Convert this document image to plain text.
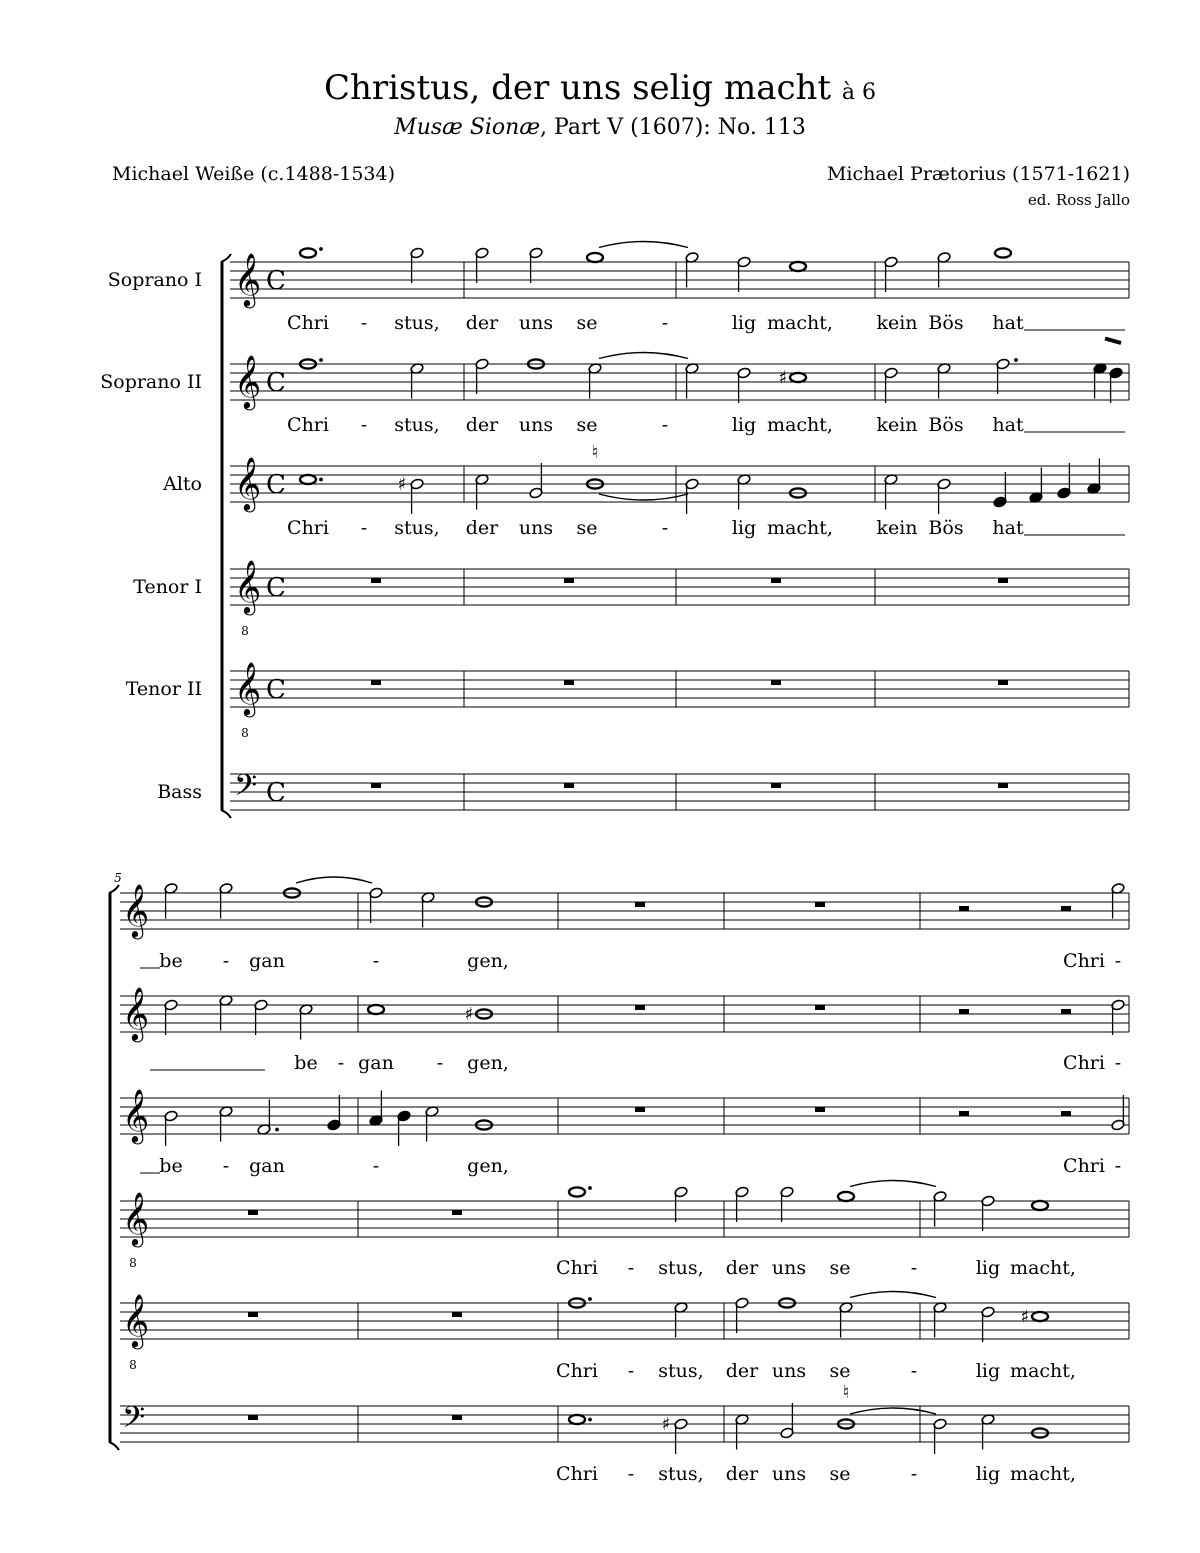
Christus, der uns selig macht à 6
Musæ Sionæ, Part V (1607): No. 113
Michael Weiße (c.1488-1534)	Michael Prætorius (1571-1621)
ed. Ross Jallo
Soprano I 𝄞 C
Soprano II 𝄞 C
Alto 𝄞 C
Tenor I 𝄞
8
C
Tenor II 𝄞
8
C
Bass 𝄢 C
♯
♯
♮
Chri - stus, der uns se	-	lig macht, kein Bös hat
Chri - stus, der uns se	-	lig macht, kein Bös hat
Chri - stus, der uns se	-	lig macht, kein Bös hat
5
𝄞
𝄞
𝄞
𝄞
8
𝄞
8
𝄢
♯
♯
♯
♮
be - gan	-	gen,	Chri -
be - gan - gen,	Chri -
be - gan	-	gen,	Chri -
Chri - stus, der uns se	-	lig macht,
Chri - stus, der uns se	-	lig macht,
Chri - stus, der uns se	-	lig macht,
